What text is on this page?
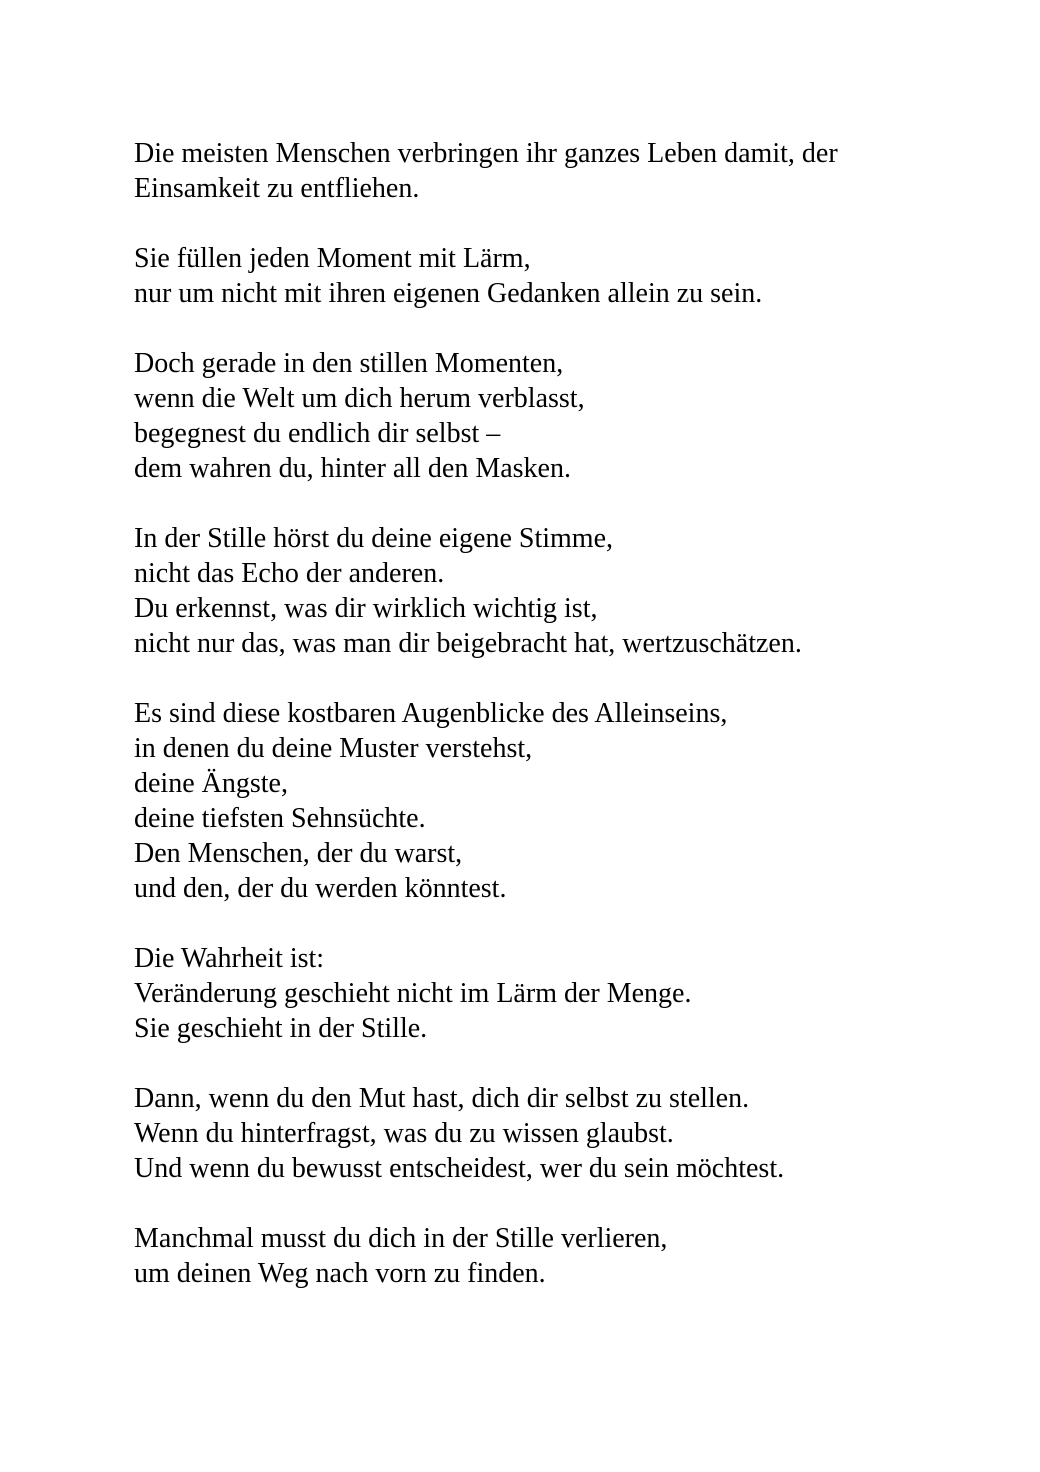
Die meisten Menschen verbringen ihr ganzes Leben damit, der
Einsamkeit zu entfliehen.
Sie füllen jeden Moment mit Lärm,
nur um nicht mit ihren eigenen Gedanken allein zu sein.
Doch gerade in den stillen Momenten,
wenn die Welt um dich herum verblasst,
begegnest du endlich dir selbst –
dem wahren du, hinter all den Masken.
In der Stille hörst du deine eigene Stimme,
nicht das Echo der anderen.
Du erkennst, was dir wirklich wichtig ist,
nicht nur das, was man dir beigebracht hat, wertzuschätzen.
Es sind diese kostbaren Augenblicke des Alleinseins,
in denen du deine Muster verstehst,
deine Ängste,
deine tiefsten Sehnsüchte.
Den Menschen, der du warst,
und den, der du werden könntest.
Die Wahrheit ist:
Veränderung geschieht nicht im Lärm der Menge.
Sie geschieht in der Stille.
Dann, wenn du den Mut hast, dich dir selbst zu stellen.
Wenn du hinterfragst, was du zu wissen glaubst.
Und wenn du bewusst entscheidest, wer du sein möchtest.
Manchmal musst du dich in der Stille verlieren,
um deinen Weg nach vorn zu finden.
